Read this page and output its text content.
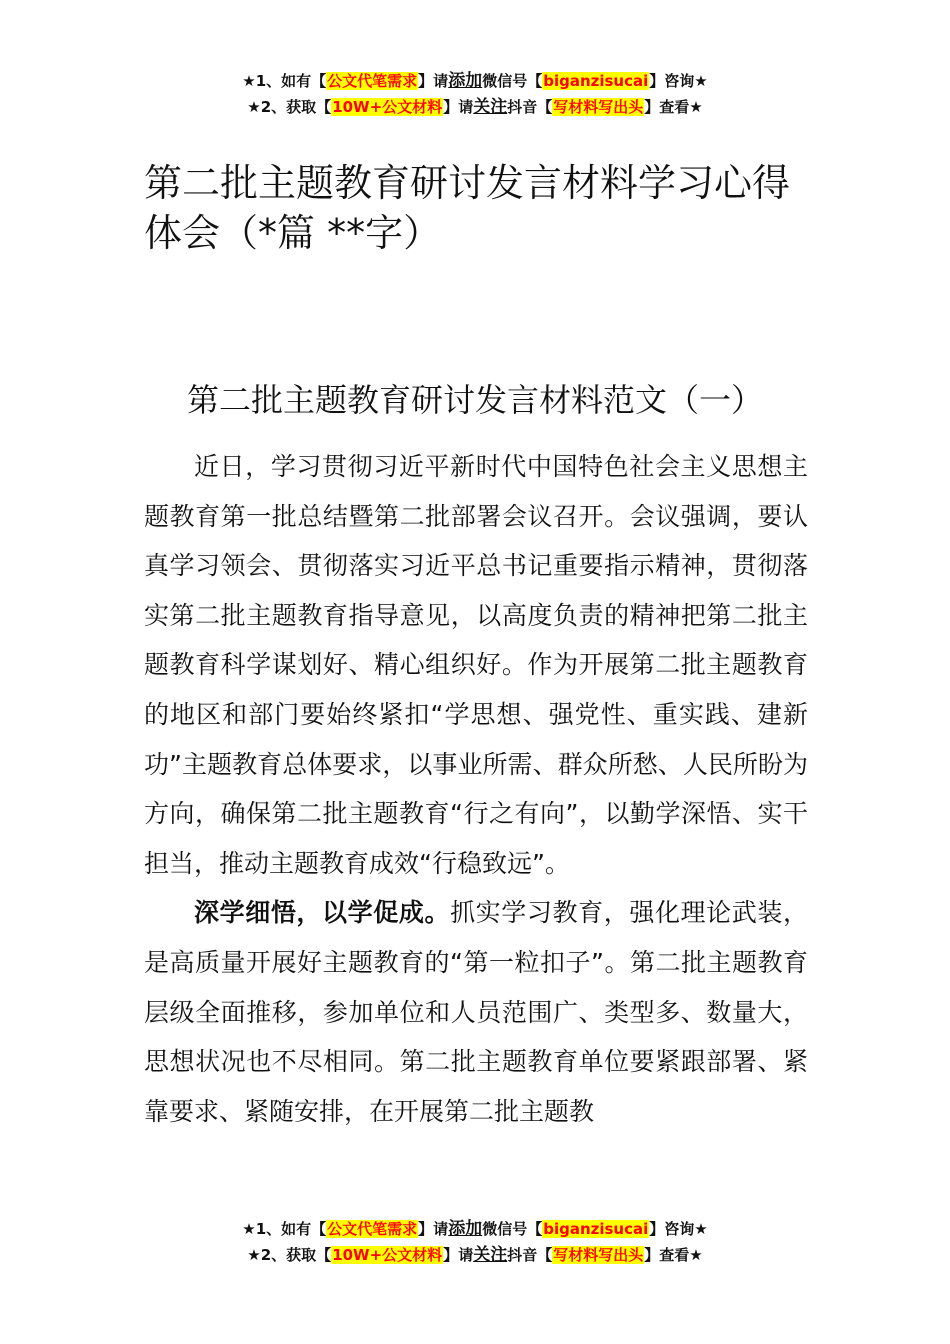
★1、如有【公文代笔需求】请添加微信号【biganzisucai】咨询★
★2、获取【10W+公文材料】请关注抖音【写材料写出头】查看★
第二批主题教育研讨发言材料学习心得体会（*篇 **字）
第二批主题教育研讨发言材料范文（一）

近日，学习贯彻习近平新时代中国特色社会主义思想主题教育第一批总结暨第二批部署会议召开。会议强调，要认真学习领会、贯彻落实习近平总书记重要指示精神，贯彻落实第二批主题教育指导意见，以高度负责的精神把第二批主题教育科学谋划好、精心组织好。作为开展第二批主题教育的地区和部门要始终紧扣“学思想、强党性、重实践、建新功”主题教育总体要求，以事业所需、群众所愁、人民所盼为方向，确保第二批主题教育“行之有向”，以勤学深悟、实干担当，推动主题教育成效“行稳致远”。

深学细悟，以学促成。抓实学习教育，强化理论武装，是高质量开展好主题教育的“第一粒扣子”。第二批主题教育层级全面推移，参加单位和人员范围广、类型多、数量大，思想状况也不尽相同。第二批主题教育单位要紧跟部署、紧靠要求、紧随安排，在开展第二批主题教

★1、如有【公文代笔需求】请添加微信号【biganzisucai】咨询★
★2、获取【10W+公文材料】请关注抖音【写材料写出头】查看★
